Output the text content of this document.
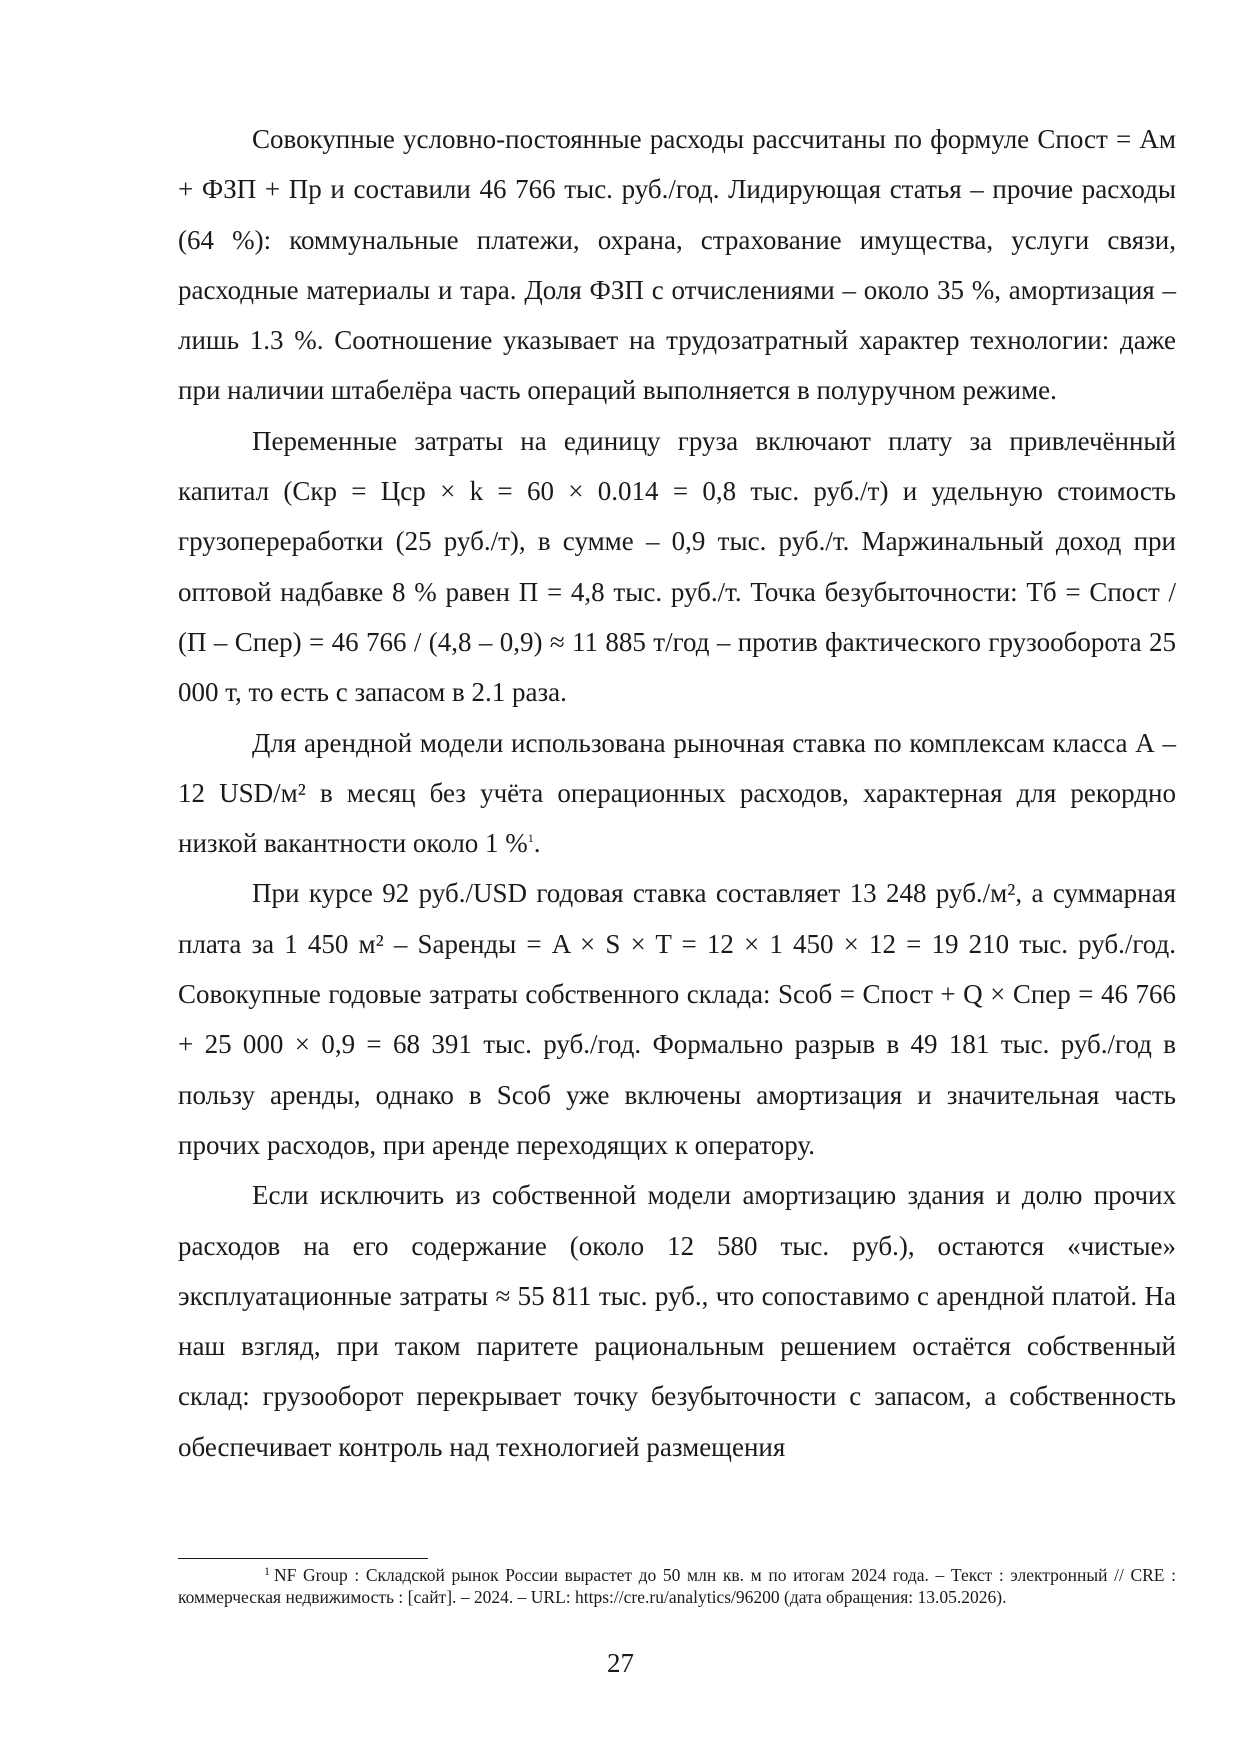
Совокупные условно-постоянные расходы рассчитаны по формуле Спост = Ам + ФЗП + Пр и составили 46 766 тыс. руб./год. Лидирующая статья – прочие расходы (64 %): коммунальные платежи, охрана, страхование имущества, услуги связи, расходные материалы и тара. Доля ФЗП с отчислениями – около 35 %, амортизация – лишь 1.3 %. Соотношение указывает на трудозатратный характер технологии: даже при наличии штабелёра часть операций выполняется в полуручном режиме.

Переменные затраты на единицу груза включают плату за привлечённый капитал (Скр = Цср × k = 60 × 0.014 = 0,8 тыс. руб./т) и удельную стоимость грузопереработки (25 руб./т), в сумме – 0,9 тыс. руб./т. Маржинальный доход при оптовой надбавке 8 % равен П = 4,8 тыс. руб./т. Точка безубыточности: Тб = Спост / (П – Спер) = 46 766 / (4,8 – 0,9) ≈ 11 885 т/год – против фактического грузооборота 25 000 т, то есть с запасом в 2.1 раза.

Для арендной модели использована рыночная ставка по комплексам класса А – 12 USD/м² в месяц без учёта операционных расходов, характерная для рекордно низкой вакантности около 1 %$^1$.

При курсе 92 руб./USD годовая ставка составляет 13 248 руб./м², а суммарная плата за 1 450 м² – Sаренды = A × S × T = 12 × 1 450 × 12 = 19 210 тыс. руб./год. Совокупные годовые затраты собственного склада: Sсоб = Спост + Q × Спер = 46 766 + 25 000 × 0,9 = 68 391 тыс. руб./год. Формально разрыв в 49 181 тыс. руб./год в пользу аренды, однако в Sсоб уже включены амортизация и значительная часть прочих расходов, при аренде переходящих к оператору.

Если исключить из собственной модели амортизацию здания и долю прочих расходов на его содержание (около 12 580 тыс. руб.), остаются «чистые» эксплуатационные затраты ≈ 55 811 тыс. руб., что сопоставимо с арендной платой. На наш взгляд, при таком паритете рациональным решением остаётся собственный склад: грузооборот перекрывает точку безубыточности с запасом, а собственность обеспечивает контроль над технологией размещения

$^1$ NF Group : Складской рынок России вырастет до 50 млн кв. м по итогам 2024 года. – Текст : электронный // CRE : коммерческая недвижимость : [сайт]. – 2024. – URL: https://cre.ru/analytics/96200 (дата обращения: 13.05.2026).

27
